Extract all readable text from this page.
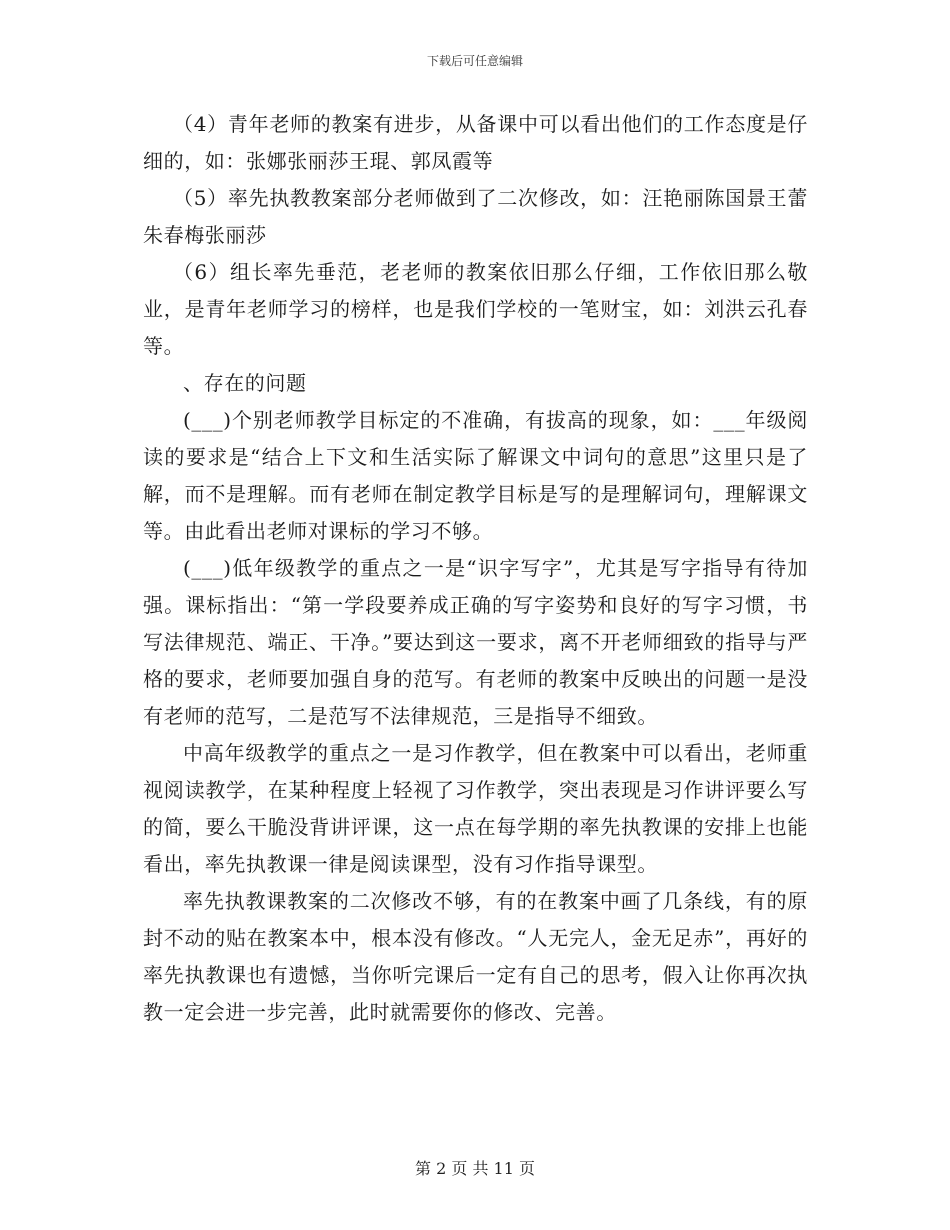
下载后可任意编辑

（4）青年老师的教案有进步，从备课中可以看出他们的工作态度是仔细的，如：张娜张丽莎王琨、郭凤霞等

（5）率先执教教案部分老师做到了二次修改，如：汪艳丽陈国景王蕾朱春梅张丽莎

（6）组长率先垂范，老老师的教案依旧那么仔细，工作依旧那么敬业，是青年老师学习的榜样，也是我们学校的一笔财宝，如：刘洪云孔春等。

、存在的问题

(___)个别老师教学目标定的不准确，有拔高的现象，如：___年级阅读的要求是“结合上下文和生活实际了解课文中词句的意思”这里只是了解，而不是理解。而有老师在制定教学目标是写的是理解词句，理解课文等。由此看出老师对课标的学习不够。

(___)低年级教学的重点之一是“识字写字”，尤其是写字指导有待加强。课标指出：“第一学段要养成正确的写字姿势和良好的写字习惯，书写法律规范、端正、干净。”要达到这一要求，离不开老师细致的指导与严格的要求，老师要加强自身的范写。有老师的教案中反映出的问题一是没有老师的范写，二是范写不法律规范，三是指导不细致。

中高年级教学的重点之一是习作教学，但在教案中可以看出，老师重视阅读教学，在某种程度上轻视了习作教学，突出表现是习作讲评要么写的简，要么干脆没背讲评课，这一点在每学期的率先执教课的安排上也能看出，率先执教课一律是阅读课型，没有习作指导课型。

率先执教课教案的二次修改不够，有的在教案中画了几条线，有的原封不动的贴在教案本中，根本没有修改。“人无完人，金无足赤”，再好的率先执教课也有遗憾，当你听完课后一定有自己的思考，假入让你再次执教一定会进一步完善，此时就需要你的修改、完善。

第 2 页 共 11 页
